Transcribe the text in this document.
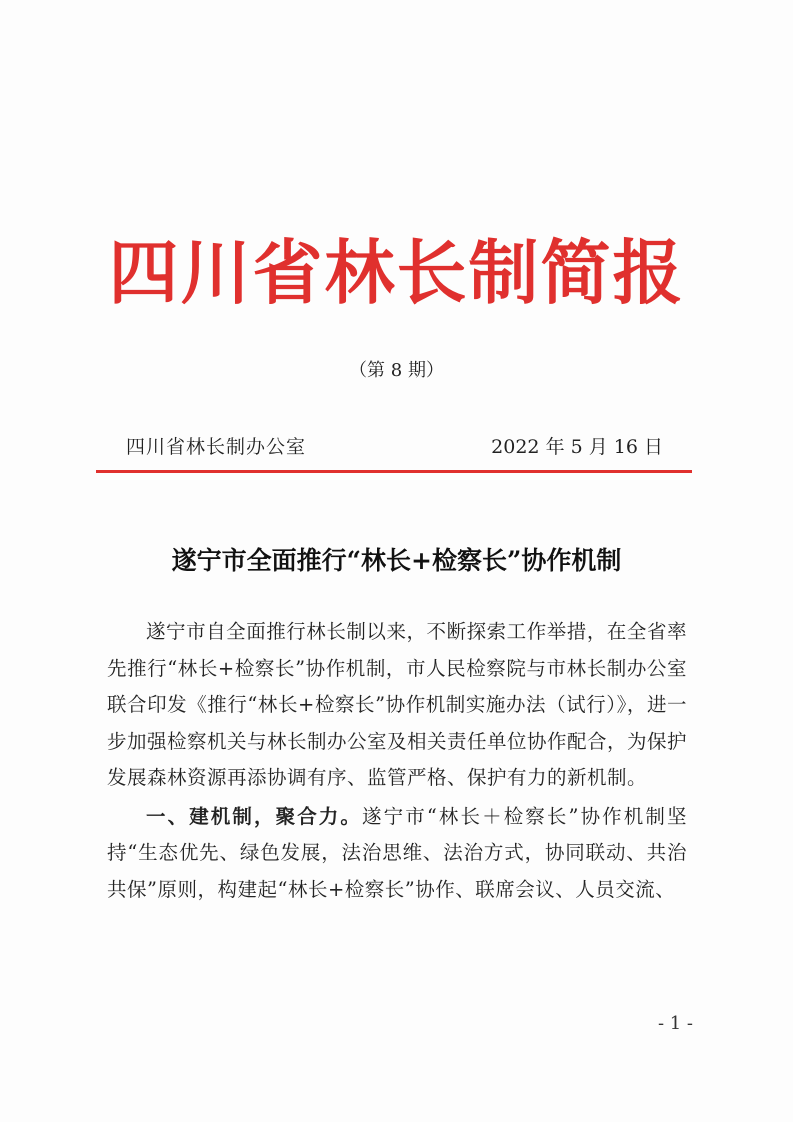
四川省林长制简报
（第 8 期）
四川省林长制办公室	2022 年 5 月 16 日
遂宁市全面推行“林长+检察长”协作机制

遂宁市自全面推行林长制以来，不断探索工作举措，在全省率先推行“林长+检察长”协作机制，市人民检察院与市林长制办公室联合印发《推行“林长+检察长”协作机制实施办法（试行）》，进一步加强检察机关与林长制办公室及相关责任单位协作配合，为保护发展森林资源再添协调有序、监管严格、保护有力的新机制。

一、建机制，聚合力。遂宁市“林长＋检察长”协作机制坚持“生态优先、绿色发展，法治思维、法治方式，协同联动、共治共保”原则，构建起“林长+检察长”协作、联席会议、人员交流、

- 1 -
